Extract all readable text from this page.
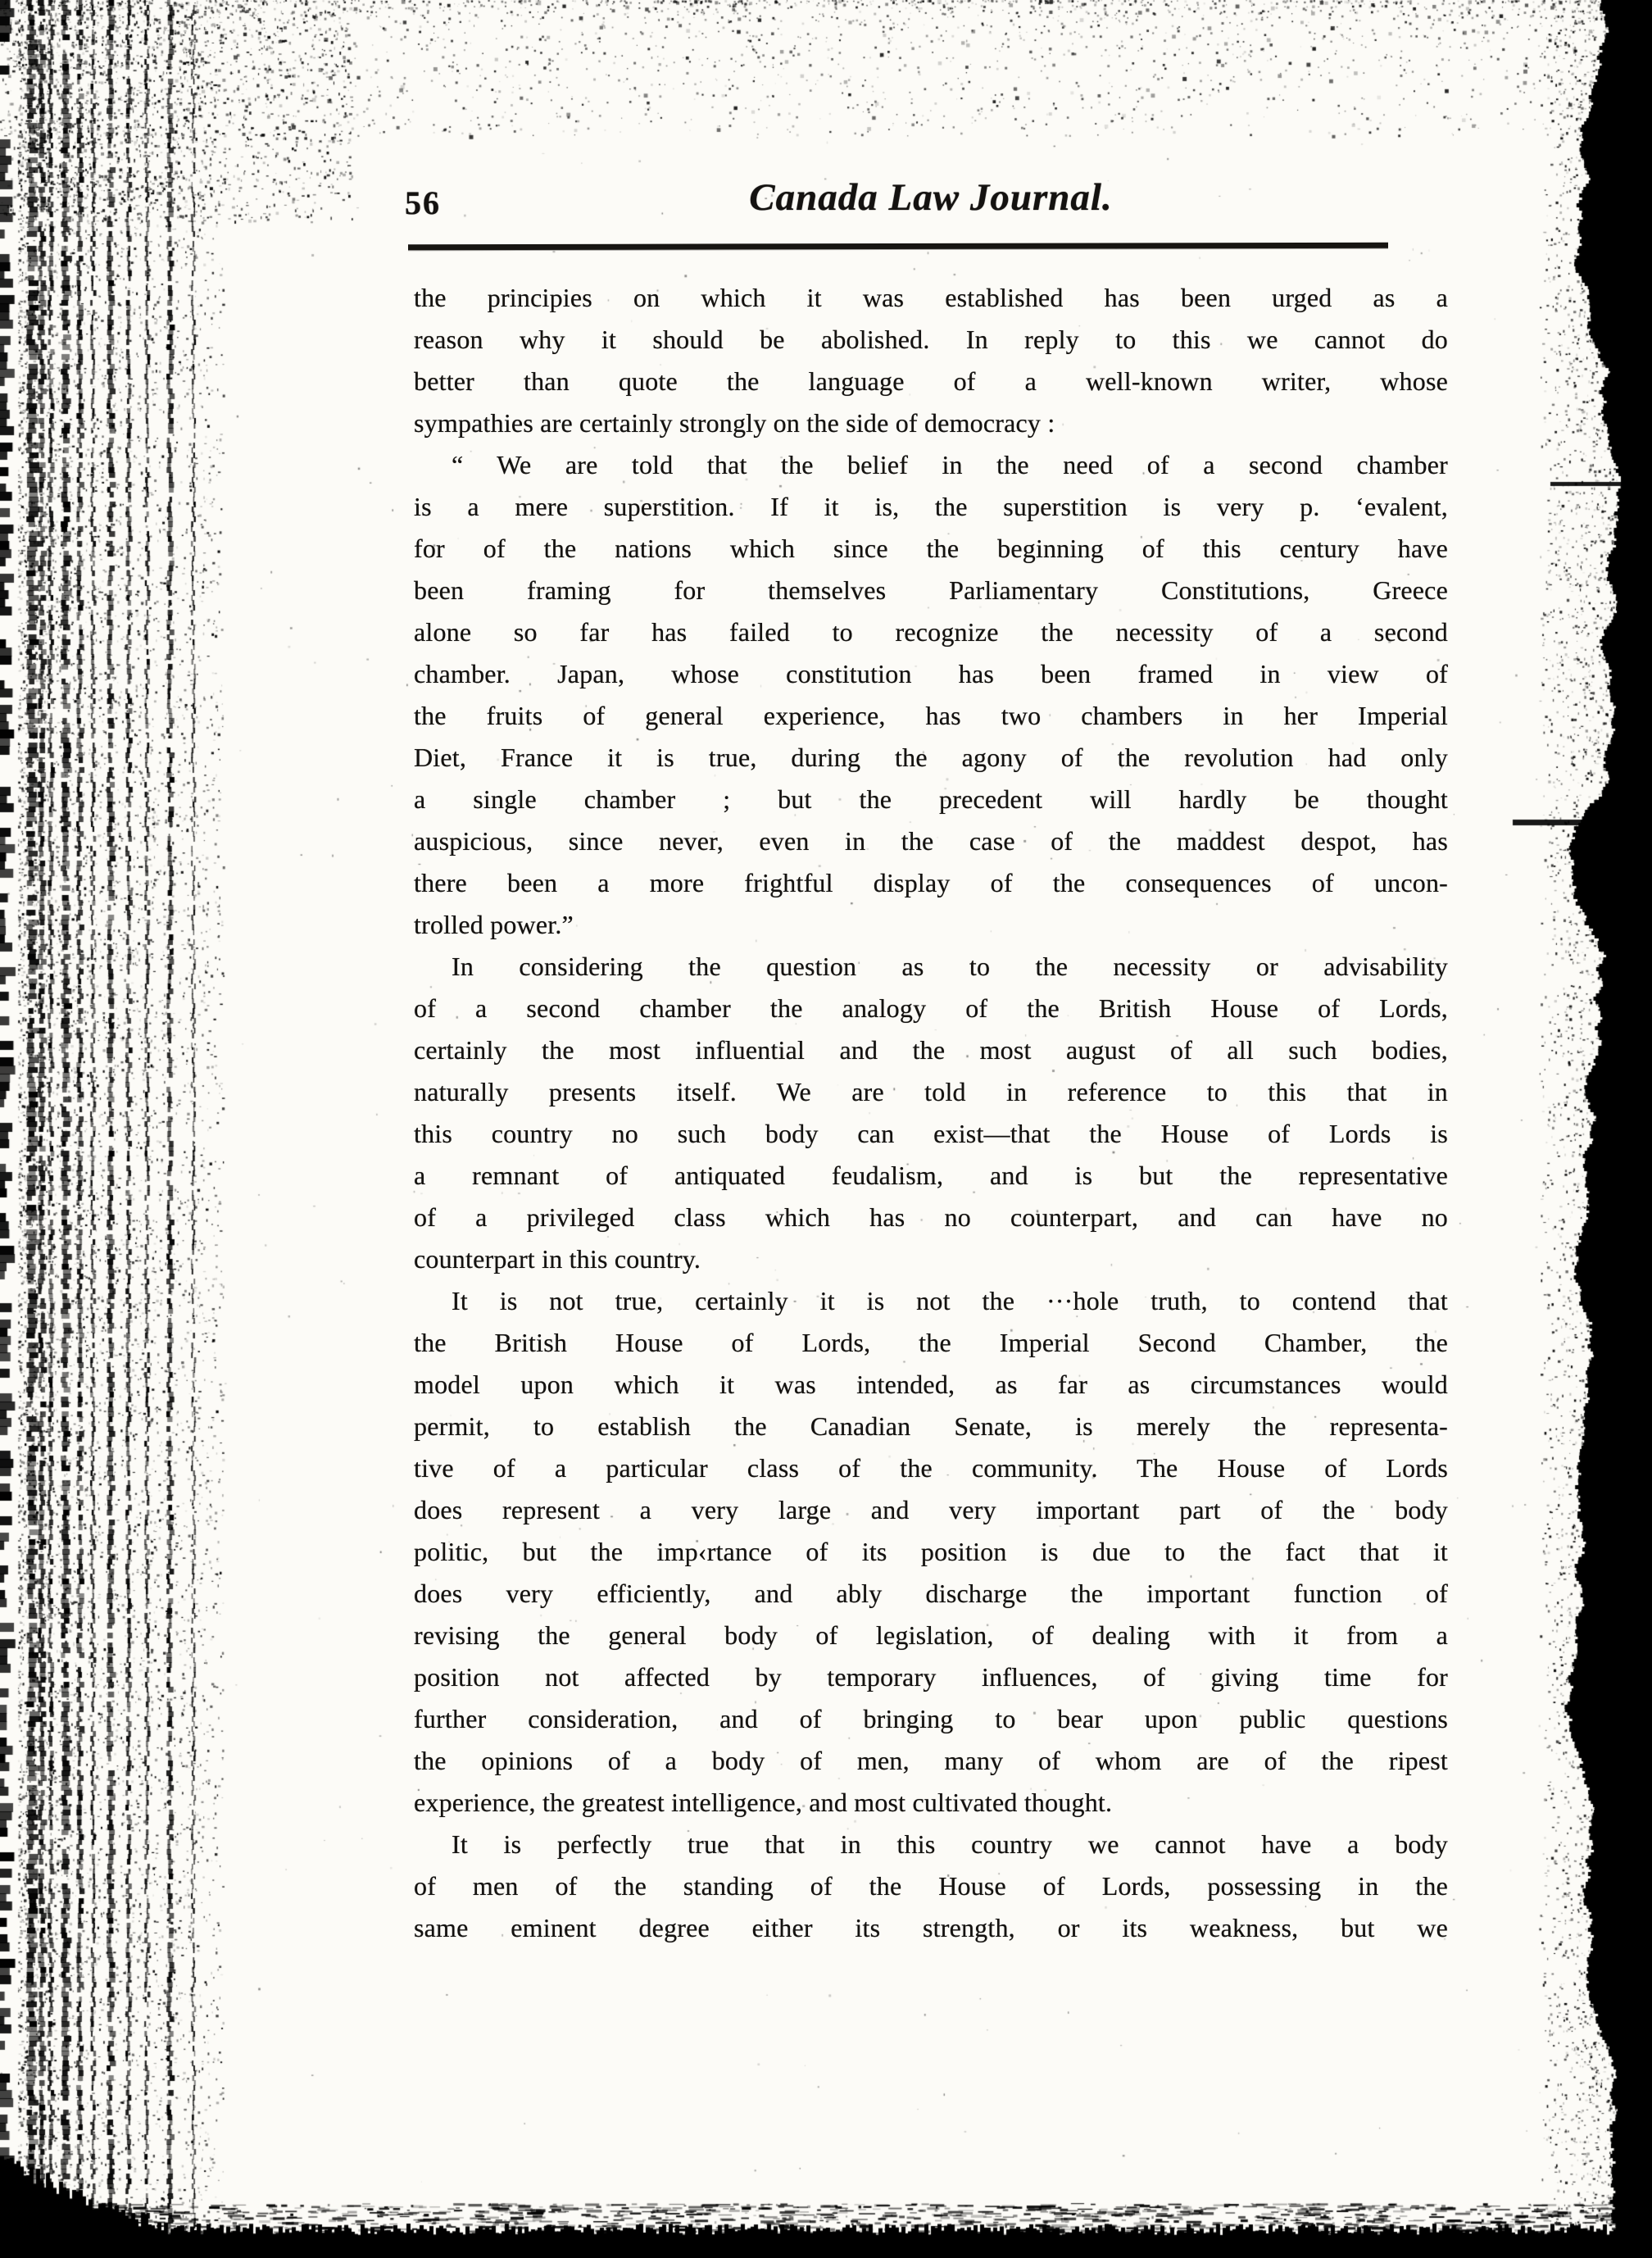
56	Canada Law Journal.
the principies on which it was established has been urged as a
reason why it should be abolished. In reply to this we cannot do
better than quote the language of a well-known writer, whose
sympathies are certainly strongly on the side of democracy :
“ We are told that the belief in the need of a second chamber
is a mere superstition. If it is, the superstition is very p. ‘evalent,
for of the nations which since the beginning of this century have
been framing for themselves Parliamentary Constitutions, Greece
alone so far has failed to recognize the necessity of a second
chamber. Japan, whose constitution has been framed in view of
the fruits of general experience, has two chambers in her Imperial
Diet, France it is true, during the agony of the revolution had only
a single chamber ; but the precedent will hardly be thought
auspicious, since never, even in the case of the maddest despot, has
there been a more frightful display of the consequences of uncon-
trolled power.”
In considering the question as to the necessity or advisability
of a second chamber the analogy of the British House of Lords,
certainly the most influential and the most august of all such bodies,
naturally presents itself. We are told in reference to this that in
this country no such body can exist—that the House of Lords is
a remnant of antiquated feudalism, and is but the representative
of a privileged class which has no counterpart, and can have no
counterpart in this country.
It is not true, certainly it is not the ···hole truth, to contend that
the British House of Lords, the Imperial Second Chamber, the
model upon which it was intended, as far as circumstances would
permit, to establish the Canadian Senate, is merely the representa-
tive of a particular class of the community. The House of Lords
does represent a very large and very important part of the body
politic, but the imp‹rtance of its position is due to the fact that it
does very efficiently, and ably discharge the important function of
revising the general body of legislation, of dealing with it from a
position not affected by temporary influences, of giving time for
further consideration, and of bringing to bear upon public questions
the opinions of a body of men, many of whom are of the ripest
experience, the greatest intelligence, and most cultivated thought.
It is perfectly true that in this country we cannot have a body
of men of the standing of the House of Lords, possessing in the
same eminent degree either its strength, or its weakness, but we
